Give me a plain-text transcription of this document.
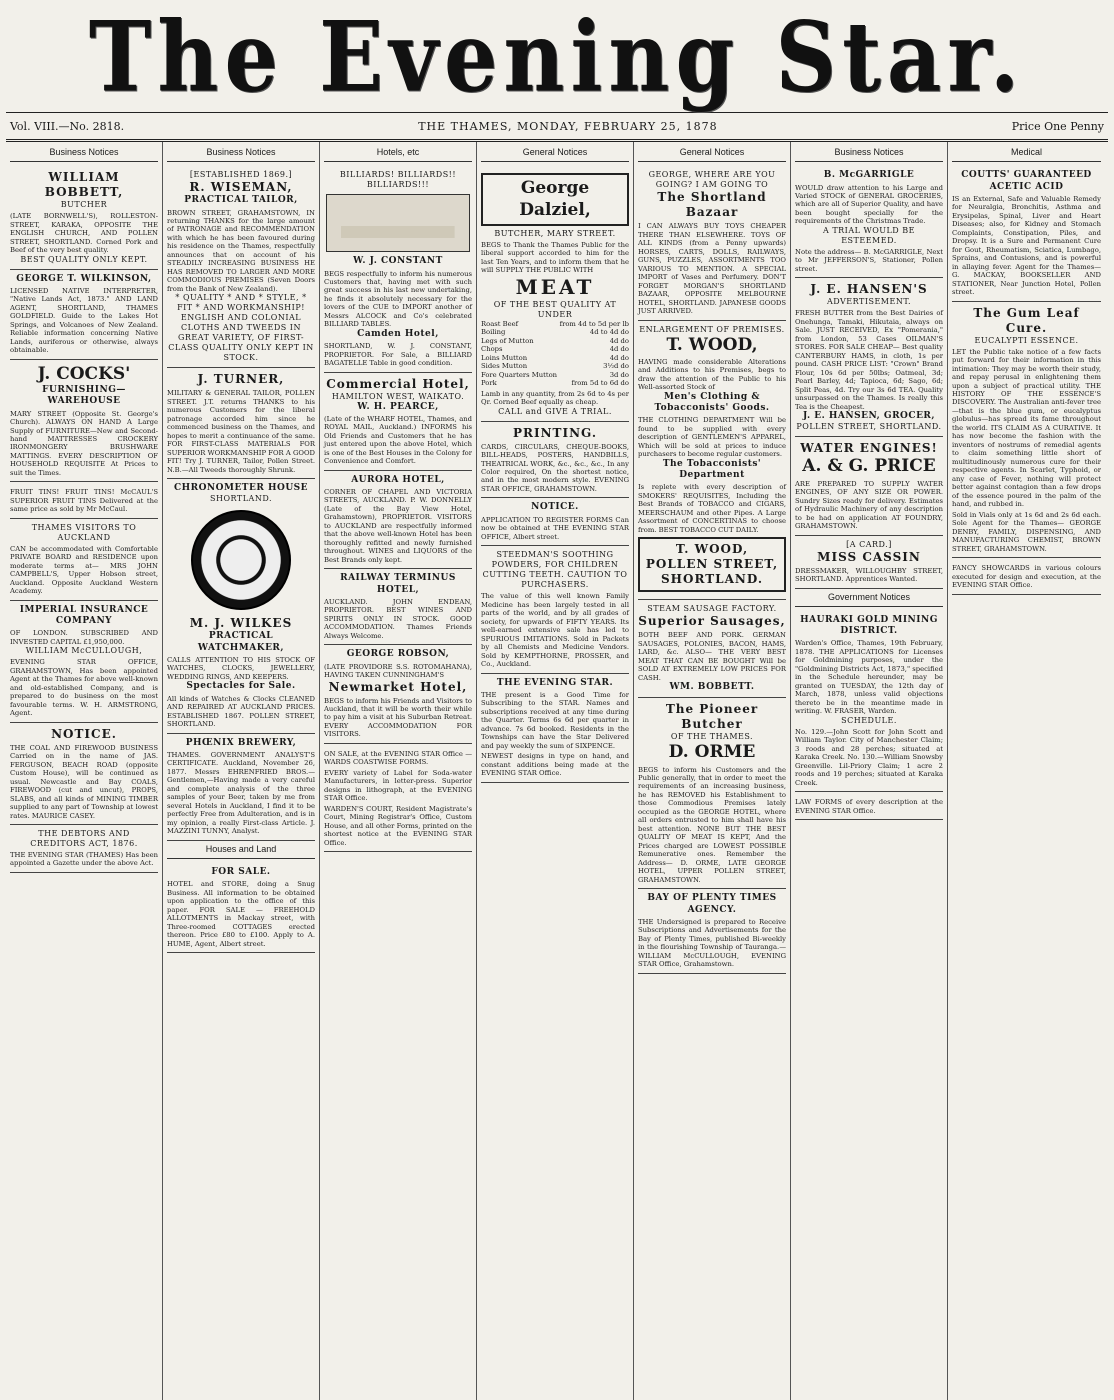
The Evening Star.
Vol. VIII.—No. 2818.	THE THAMES, MONDAY, FEBRUARY 25, 1878	Price One Penny
Business Notices
WILLIAM BOBBETT,
BUTCHER
(LATE BORNWELL'S), ROLLESTON-STREET, KARAKA, OPPOSITE THE ENGLISH CHURCH, AND POLLEN STREET, SHORTLAND. Corned Pork and Beef of the very best quality.
BEST QUALITY ONLY KEPT.
GEORGE T. WILKINSON,
LICENSED NATIVE INTERPRETER, "Native Lands Act, 1873." AND LAND AGENT, SHORTLAND, THAMES GOLDFIELD. Guide to the Lakes Hot Springs, and Volcanoes of New Zealand. Reliable information concerning Native Lands, auriferous or otherwise, always obtainable.
J. COCKS'
FURNISHING—WAREHOUSE
MARY STREET (Opposite St. George's Church). ALWAYS ON HAND A Large Supply of FURNITURE—New and Second-hand MATTRESSES CROCKERY IRONMONGERY BRUSHWARE MATTINGS. EVERY DESCRIPTION OF HOUSEHOLD REQUISITE At Prices to suit the Times.
FRUIT TINS! FRUIT TINS! McCAUL'S SUPERIOR FRUIT TINS Delivered at the same price as sold by Mr McCaul.
THAMES VISITORS TO AUCKLAND
CAN be accommodated with Comfortable PRIVATE BOARD and RESIDENCE upon moderate terms at— MRS JOHN CAMPBELL'S, Upper Hobson street, Auckland. Opposite Auckland Western Academy.
IMPERIAL INSURANCE COMPANY
OF LONDON. SUBSCRIBED AND INVESTED CAPITAL £1,950,000.
WILLIAM McCULLOUGH,
EVENING STAR OFFICE, GRAHAMSTOWN, Has been appointed Agent at the Thames for above well-known and old-established Company, and is prepared to do business on the most favourable terms. W. H. ARMSTRONG, Agent.
NOTICE.
THE COAL AND FIREWOOD BUSINESS Carried on in the name of JAS. FERGUSON, BEACH ROAD (opposite Custom House), will be continued as usual. Newcastle and Bay COALS, FIREWOOD (cut and uncut), PROPS, SLABS, and all kinds of MINING TIMBER supplied to any part of Township at lowest rates. MAURICE CASEY.
THE DEBTORS AND CREDITORS ACT, 1876.
THE EVENING STAR (THAMES) Has been appointed a Gazette under the above Act.
Business Notices
[ESTABLISHED 1869.]
R. WISEMAN,
PRACTICAL TAILOR,
BROWN STREET, GRAHAMSTOWN, IN returning THANKS for the large amount of PATRONAGE and RECOMMENDATION with which he has been favoured during his residence on the Thames, respectfully announces that on account of his STEADILY INCREASING BUSINESS HE HAS REMOVED TO LARGER AND MORE COMMODIOUS PREMISES (Seven Doors from the Bank of New Zealand).
* QUALITY * AND * STYLE, * FIT * AND WORKMANSHIP! ENGLISH AND COLONIAL CLOTHS AND TWEEDS IN GREAT VARIETY, OF FIRST-CLASS QUALITY ONLY KEPT IN STOCK.
J. TURNER,
MILITARY & GENERAL TAILOR, POLLEN STREET. J.T. returns THANKS to his numerous Customers for the liberal patronage accorded him since he commenced business on the Thames, and hopes to merit a continuance of the same. FOR FIRST-CLASS MATERIALS FOR SUPERIOR WORKMANSHIP FOR A GOOD FIT! Try J. TURNER, Tailor, Pollen Street. N.B.—All Tweeds thoroughly Shrunk.
CHRONOMETER HOUSE
SHORTLAND.
M. J. WILKES
PRACTICAL WATCHMAKER,
CALLS ATTENTION TO HIS STOCK OF WATCHES, CLOCKS, JEWELLERY, WEDDING RINGS, AND KEEPERS.
Spectacles for Sale.
All kinds of Watches & Clocks CLEANED AND REPAIRED AT AUCKLAND PRICES. ESTABLISHED 1867. POLLEN STREET, SHORTLAND.
PHŒNIX BREWERY,
THAMES. GOVERNMENT ANALYST'S CERTIFICATE. Auckland, November 26, 1877. Messrs EHRENFRIED BROS.—Gentlemen,—Having made a very careful and complete analysis of the three samples of your Beer, taken by me from several Hotels in Auckland, I find it to be perfectly Free from Adulteration, and is in my opinion, a really First-class Article. J. MAZZINI TUNNY, Analyst.
Houses and Land
FOR SALE.
HOTEL and STORE, doing a Snug Business. All information to be obtained upon application to the office of this paper. FOR SALE — FREEHOLD ALLOTMENTS in Mackay street, with Three-roomed COTTAGES erected thereon. Price £80 to £100. Apply to A. HUME, Agent, Albert street.
Hotels, etc
BILLIARDS! BILLIARDS!! BILLIARDS!!!
W. J. CONSTANT
BEGS respectfully to inform his numerous Customers that, having met with such great success in his last new undertaking, he finds it absolutely necessary for the lovers of the CUE to IMPORT another of Messrs ALCOCK and Co's celebrated BILLIARD TABLES.
Camden Hotel,
SHORTLAND, W. J. CONSTANT, PROPRIETOR. For Sale, a BILLIARD BAGATELLE Table in good condition.
Commercial Hotel,
HAMILTON WEST, WAIKATO.
W. H. PEARCE,
(Late of the WHARF HOTEL, Thames, and ROYAL MAIL, Auckland.) INFORMS his Old Friends and Customers that he has just entered upon the above Hotel, which is one of the Best Houses in the Colony for Convenience and Comfort.
AURORA HOTEL,
CORNER OF CHAPEL AND VICTORIA STREETS, AUCKLAND. P. W. DONNELLY (Late of the Bay View Hotel, Grahamstown), PROPRIETOR. VISITORS to AUCKLAND are respectfully informed that the above well-known Hotel has been thoroughly refitted and newly furnished throughout. WINES and LIQUORS of the Best Brands only kept.
RAILWAY TERMINUS HOTEL,
AUCKLAND. JOHN ENDEAN, PROPRIETOR. BEST WINES AND SPIRITS ONLY IN STOCK. GOOD ACCOMMODATION. Thames Friends Always Welcome.
GEORGE ROBSON,
(LATE PROVIDORE S.S. ROTOMAHANA), HAVING TAKEN CUNNINGHAM'S
Newmarket Hotel,
BEGS to inform his Friends and Visitors to Auckland, that it will be worth their while to pay him a visit at his Suburban Retreat. EVERY ACCOMMODATION FOR VISITORS.
ON SALE, at the EVENING STAR Office — WARDS COASTWISE FORMS.
EVERY variety of Label for Soda-water Manufacturers, in letter-press. Superior designs in lithograph, at the EVENING STAR Office.
WARDEN'S COURT, Resident Magistrate's Court, Mining Registrar's Office, Custom House, and all other Forms, printed on the shortest notice at the EVENING STAR Office.
General Notices
George Dalziel,
BUTCHER, MARY STREET.
BEGS to Thank the Thames Public for the liberal support accorded to him for the last Ten Years, and to inform them that he will SUPPLY THE PUBLIC WITH
MEAT
OF THE BEST QUALITY AT UNDER
Roast Beef	from 4d to 5d per lb
Boiling	4d to 4d do
Legs of Mutton	4d do
Chops	4d do
Loins Mutton	4d do
Sides Mutton	3½d do
Fore Quarters Mutton	3d do
Pork	from 5d to 6d do
Lamb in any quantity, from 2s 6d to 4s per Qr. Corned Beef equally as cheap.
CALL and GIVE A TRIAL.
PRINTING.
CARDS, CIRCULARS, CHEQUE-BOOKS, BILL-HEADS, POSTERS, HANDBILLS, THEATRICAL WORK, &c., &c., &c., In any Color required, On the shortest notice, and in the most modern style. EVENING STAR OFFICE, GRAHAMSTOWN.
NOTICE.
APPLICATION TO REGISTER FORMS Can now be obtained at THE EVENING STAR OFFICE, Albert street.
STEEDMAN'S SOOTHING POWDERS, FOR CHILDREN CUTTING TEETH. CAUTION TO PURCHASERS.
The value of this well known Family Medicine has been largely tested in all parts of the world, and by all grades of society, for upwards of FIFTY YEARS. Its well-earned extensive sale has led to SPURIOUS IMITATIONS. Sold in Packets by all Chemists and Medicine Vendors. Sold by KEMPTHORNE, PROSSER, and Co., Auckland.
THE EVENING STAR.
THE present is a Good Time for Subscribing to the STAR. Names and subscriptions received at any time during the Quarter. Terms 6s 6d per quarter in advance. 7s 6d booked. Residents in the Townships can have the Star Delivered and pay weekly the sum of SIXPENCE.
NEWEST designs in type on hand, and constant additions being made at the EVENING STAR Office.
General Notices
GEORGE, WHERE ARE YOU GOING? I AM GOING TO
The Shortland Bazaar
I CAN ALWAYS BUY TOYS CHEAPER THERE THAN ELSEWHERE. TOYS OF ALL KINDS (from a Penny upwards) HORSES, CARTS, DOLLS, RAILWAYS, GUNS, PUZZLES, ASSORTMENTS TOO VARIOUS TO MENTION. A SPECIAL IMPORT of Vases and Perfumery. DON'T FORGET MORGAN'S SHORTLAND BAZAAR, OPPOSITE MELBOURNE HOTEL, SHORTLAND. JAPANESE GOODS JUST ARRIVED.
ENLARGEMENT OF PREMISES.
T. WOOD,
HAVING made considerable Alterations and Additions to his Premises, begs to draw the attention of the Public to his Well-assorted Stock of
Men's Clothing & Tobacconists' Goods.
THE CLOTHING DEPARTMENT Will be found to be supplied with every description of GENTLEMEN'S APPAREL, Which will be sold at prices to induce purchasers to become regular customers.
The Tobacconists' Department
Is replete with every description of SMOKERS' REQUISITES, Including the Best Brands of TOBACCO and CIGARS, MEERSCHAUM and other Pipes. A Large Assortment of CONCERTINAS to choose from. BEST TOBACCO CUT DAILY.
T. WOOD, POLLEN STREET, SHORTLAND.
STEAM SAUSAGE FACTORY.
Superior Sausages,
BOTH BEEF AND PORK. GERMAN SAUSAGES, POLONIES, BACON, HAMS, LARD, &c. ALSO— THE VERY BEST MEAT THAT CAN BE BOUGHT Will be SOLD AT EXTREMELY LOW PRICES FOR CASH.
WM. BOBBETT.
The Pioneer Butcher
OF THE THAMES.
D. ORME
BEGS to inform his Customers and the Public generally, that in order to meet the requirements of an increasing business, he has REMOVED his Establishment to those Commodious Premises lately occupied as the GEORGE HOTEL, where all orders entrusted to him shall have his best attention. NONE BUT THE BEST QUALITY OF MEAT IS KEPT, And the Prices charged are LOWEST POSSIBLE Remunerative ones. Remember the Address— D. ORME, LATE GEORGE HOTEL, UPPER POLLEN STREET, GRAHAMSTOWN.
BAY OF PLENTY TIMES AGENCY.
THE Undersigned is prepared to Receive Subscriptions and Advertisements for the Bay of Plenty Times, published Bi-weekly in the flourishing Township of Tauranga.— WILLIAM McCULLOUGH, EVENING STAR Office, Grahamstown.
Business Notices
B. McGARRIGLE
WOULD draw attention to his Large and Varied STOCK of GENERAL GROCERIES, which are all of Superior Quality, and have been bought specially for the requirements of the Christmas Trade.
A TRIAL WOULD BE ESTEEMED.
Note the address— B. McGARRIGLE, Next to Mr JEFFERSON'S, Stationer, Pollen street.
J. E. HANSEN'S
ADVERTISEMENT.
FRESH BUTTER from the Best Dairies of Onehunga, Tamaki, Hikutaia, always on Sale. JUST RECEIVED, Ex "Pomerania," from London, 53 Cases OILMAN'S STORES. FOR SALE CHEAP— Best quality CANTERBURY HAMS, in cloth, 1s per pound. CASH PRICE LIST: "Crown" Brand Flour, 10s 6d per 50lbs; Oatmeal, 3d; Pearl Barley, 4d; Tapioca, 6d; Sago, 6d; Split Peas, 4d. Try our 3s 6d TEA. Quality unsurpassed on the Thames. Is really this Tea is the Cheapest.
J. E. HANSEN, GROCER,
POLLEN STREET, SHORTLAND.
WATER ENGINES!
A. & G. PRICE
ARE PREPARED TO SUPPLY WATER ENGINES, OF ANY SIZE OR POWER. Sundry Sizes ready for delivery. Estimates of Hydraulic Machinery of any description to be had on application AT FOUNDRY, GRAHAMSTOWN.
[A CARD.]
MISS CASSIN
DRESSMAKER, WILLOUGHBY STREET, SHORTLAND. Apprentices Wanted.
Government Notices
HAURAKI GOLD MINING DISTRICT.
Warden's Office, Thames, 19th February, 1878. THE APPLICATIONS for Licenses for Goldmining purposes, under the "Goldmining Districts Act, 1873," specified in the Schedule hereunder, may be granted on TUESDAY, the 12th day of March, 1878, unless valid objections thereto be in the meantime made in writing. W. FRASER, Warden.
SCHEDULE.
No. 129.—John Scott for John Scott and William Taylor. City of Manchester Claim; 3 roods and 28 perches; situated at Karaka Creek. No. 130.—William Snowsby Greenville. Lil-Priory Claim; 1 acre 2 roods and 19 perches; situated at Karaka Creek.
LAW FORMS of every description at the EVENING STAR Office.
Medical
COUTTS' GUARANTEED ACETIC ACID
IS an External, Safe and Valuable Remedy for Neuralgia, Bronchitis, Asthma and Erysipelas, Spinal, Liver and Heart Diseases; also, for Kidney and Stomach Complaints, Constipation, Piles, and Dropsy. It is a Sure and Permanent Cure for Gout, Rheumatism, Sciatica, Lumbago, Sprains, and Contusions, and is powerful in allaying fever. Agent for the Thames— G. MACKAY, BOOKSELLER AND STATIONER, Near Junction Hotel, Pollen street.
The Gum Leaf Cure.
EUCALYPTI ESSENCE.
LET the Public take notice of a few facts put forward for their information in this intimation: They may be worth their study, and repay perusal in enlightening them upon a subject of practical utility. THE HISTORY OF THE ESSENCE'S DISCOVERY. The Australian anti-fever tree—that is the blue gum, or eucalyptus globulus—has spread its fame throughout the world. ITS CLAIM AS A CURATIVE. It has now become the fashion with the inventors of nostrums of remedial agents to claim something little short of multitudinously numerous cure for their respective agents. In Scarlet, Typhoid, or any case of Fever, nothing will protect better against contagion than a few drops of the essence poured in the palm of the hand, and rubbed in.
Sold in Vials only at 1s 6d and 2s 6d each. Sole Agent for the Thames— GEORGE DENBY, FAMILY, DISPENSING, AND MANUFACTURING CHEMIST, BROWN STREET, GRAHAMSTOWN.
FANCY SHOWCARDS in various colours executed for design and execution, at the EVENING STAR Office.
